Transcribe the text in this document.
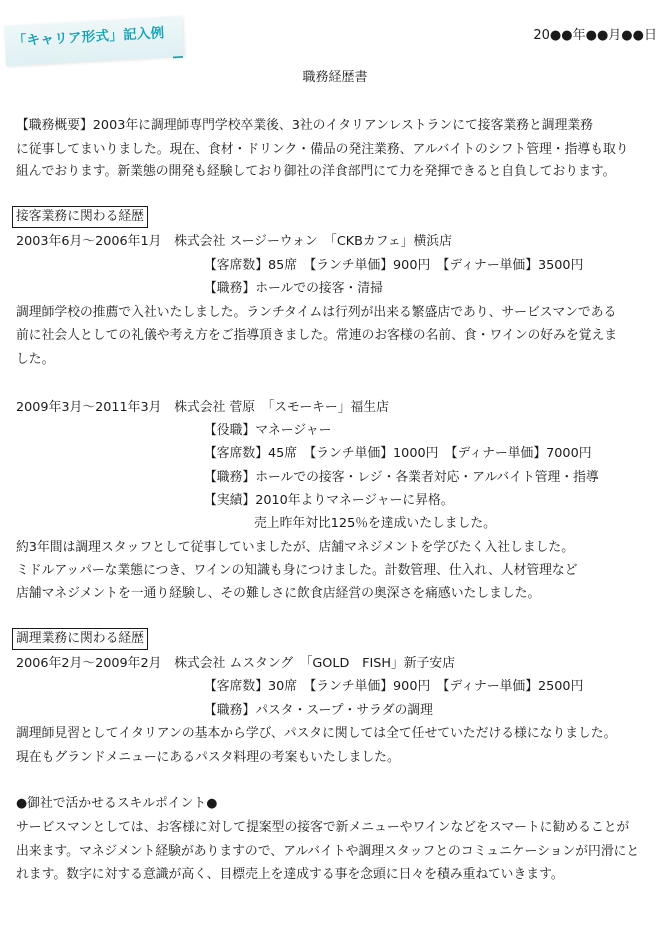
「キャリア形式」記入例	20●●年●●月●●日
職務経歴書
【職務概要】2003年に調理師専門学校卒業後、3社のイタリアンレストランにて接客業務と調理業務
に従事してまいりました。現在、食材・ドリンク・備品の発注業務、アルバイトのシフト管理・指導も取り
組んでおります。新業態の開発も経験しており御社の洋食部門にて力を発揮できると自負しております。
接客業務に関わる経歴
2003年6月～2006年1月　株式会社 スージーウォン　「CKBカフェ」横浜店
【客席数】85席　【ランチ単価】900円　【ディナー単価】3500円
【職務】ホールでの接客・清掃
調理師学校の推薦で入社いたしました。ランチタイムは行列が出来る繁盛店であり、サービスマンである
前に社会人としての礼儀や考え方をご指導頂きました。常連のお客様の名前、食・ワインの好みを覚えま
した。
2009年3月～2011年3月　株式会社 菅原　「スモーキー」福生店
【役職】マネージャー
【客席数】45席　【ランチ単価】1000円　【ディナー単価】7000円
【職務】ホールでの接客・レジ・各業者対応・アルバイト管理・指導
【実績】2010年よりマネージャーに昇格。
売上昨年対比125％を達成いたしました。
約3年間は調理スタッフとして従事していましたが、店舗マネジメントを学びたく入社しました。
ミドルアッパーな業態につき、ワインの知識も身につけました。計数管理、仕入れ、人材管理など
店舗マネジメントを一通り経験し、その難しさに飲食店経営の奥深さを痛感いたしました。
調理業務に関わる経歴
2006年2月～2009年2月　株式会社 ムスタング　「GOLD　FISH」新子安店
【客席数】30席　【ランチ単価】900円　【ディナー単価】2500円
【職務】パスタ・スープ・サラダの調理
調理師見習としてイタリアンの基本から学び、パスタに関しては全て任せていただける様になりました。
現在もグランドメニューにあるパスタ料理の考案もいたしました。
●御社で活かせるスキルポイント●
サービスマンとしては、お客様に対して提案型の接客で新メニューやワインなどをスマートに勧めることが
出来ます。マネジメント経験がありますので、アルバイトや調理スタッフとのコミュニケーションが円滑にと
れます。数字に対する意識が高く、目標売上を達成する事を念頭に日々を積み重ねていきます。
